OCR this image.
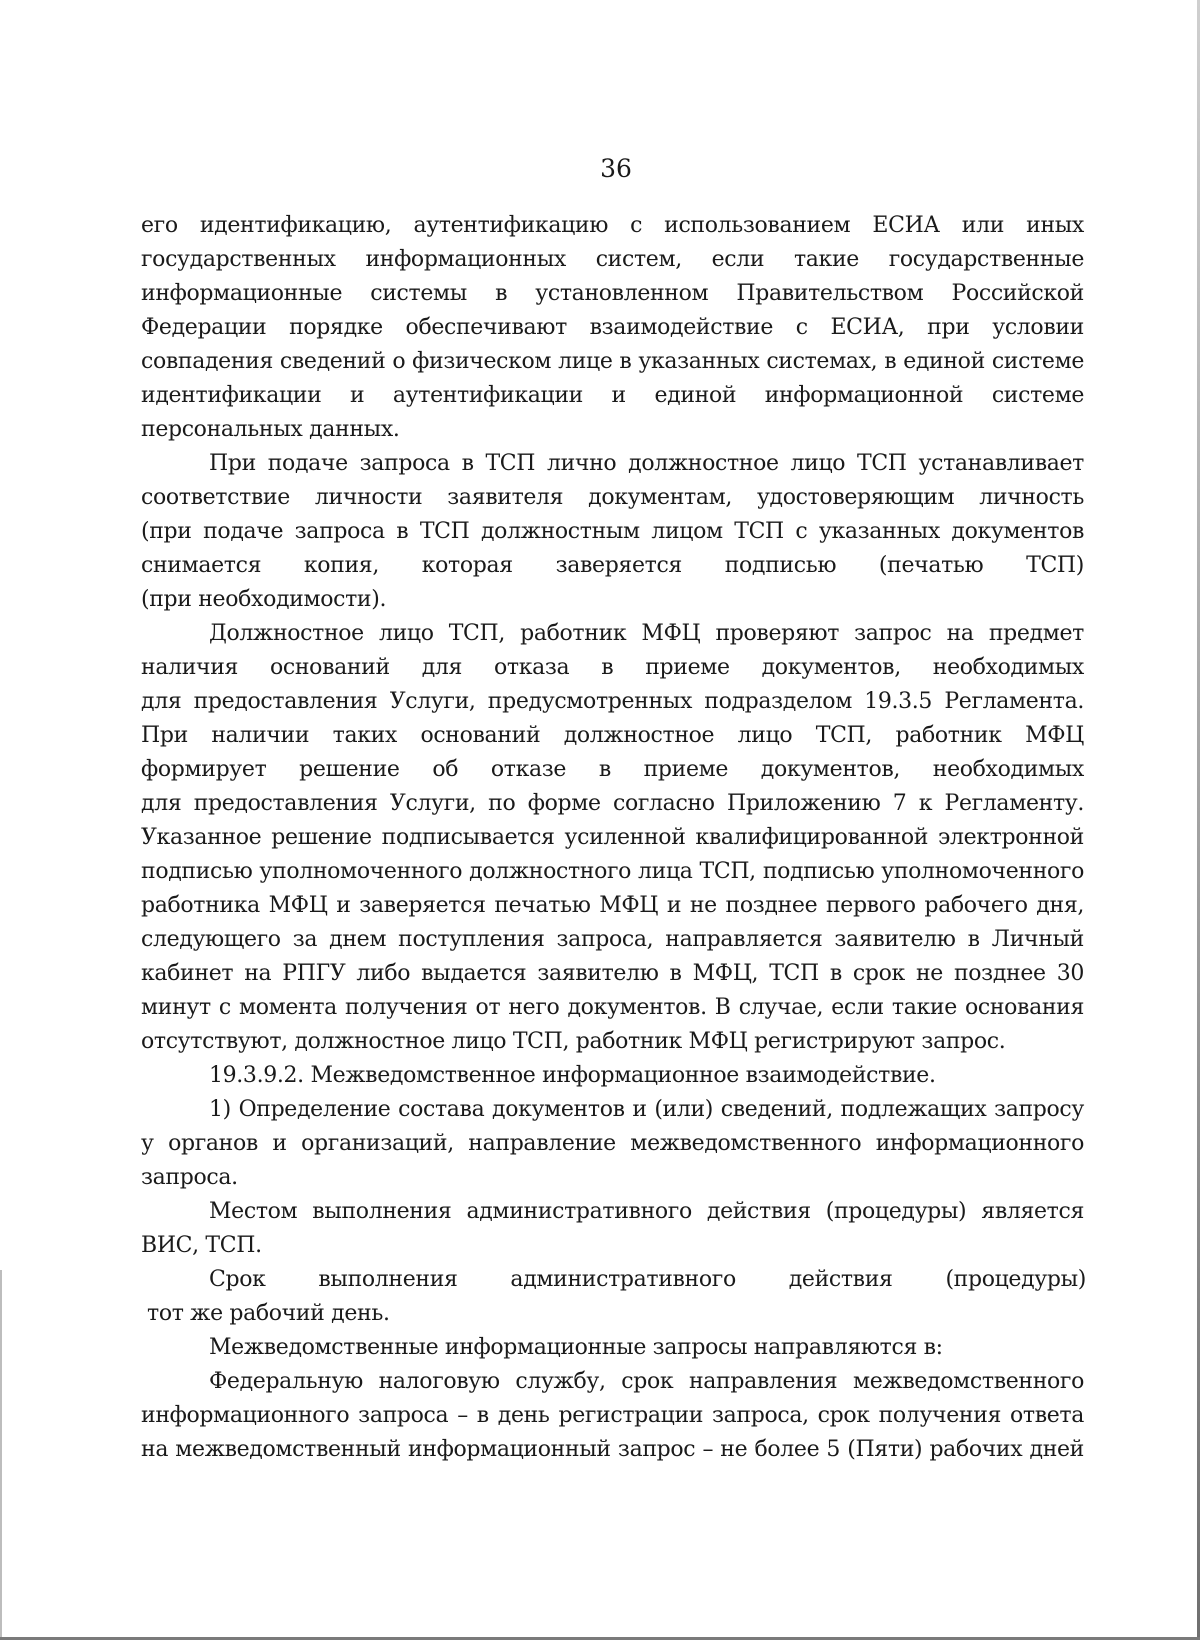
36
его идентификацию, аутентификацию с использованием ЕСИА или иных
государственных информационных систем, если такие государственные
информационные системы в установленном Правительством Российской
Федерации порядке обеспечивают взаимодействие с ЕСИА, при условии
совпадения сведений о физическом лице в указанных системах, в единой системе
идентификации и аутентификации и единой информационной системе
персональных данных.
При подаче запроса в ТСП лично должностное лицо ТСП устанавливает
соответствие личности заявителя документам, удостоверяющим личность
(при подаче запроса в ТСП должностным лицом ТСП с указанных документов
снимается копия, которая заверяется подписью (печатью ТСП)
(при необходимости).
Должностное лицо ТСП, работник МФЦ проверяют запрос на предмет
наличия оснований для отказа в приеме документов, необходимых
для предоставления Услуги, предусмотренных подразделом 19.3.5 Регламента.
При наличии таких оснований должностное лицо ТСП, работник МФЦ
формирует решение об отказе в приеме документов, необходимых
для предоставления Услуги, по форме согласно Приложению 7 к Регламенту.
Указанное решение подписывается усиленной квалифицированной электронной
подписью уполномоченного должностного лица ТСП, подписью уполномоченного
работника МФЦ и заверяется печатью МФЦ и не позднее первого рабочего дня,
следующего за днем поступления запроса, направляется заявителю в Личный
кабинет на РПГУ либо выдается заявителю в МФЦ, ТСП в срок не позднее 30
минут с момента получения от него документов. В случае, если такие основания
отсутствуют, должностное лицо ТСП, работник МФЦ регистрируют запрос.
19.3.9.2. Межведомственное информационное взаимодействие.
1) Определение состава документов и (или) сведений, подлежащих запросу
у органов и организаций, направление межведомственного информационного
запроса.
Местом выполнения административного действия (процедуры) является
ВИС, ТСП.
Срок выполнения административного действия (процедуры)
тот же рабочий день.
Межведомственные информационные запросы направляются в:
Федеральную налоговую службу, срок направления межведомственного
информационного запроса – в день регистрации запроса, срок получения ответа
на межведомственный информационный запрос – не более 5 (Пяти) рабочих дней
